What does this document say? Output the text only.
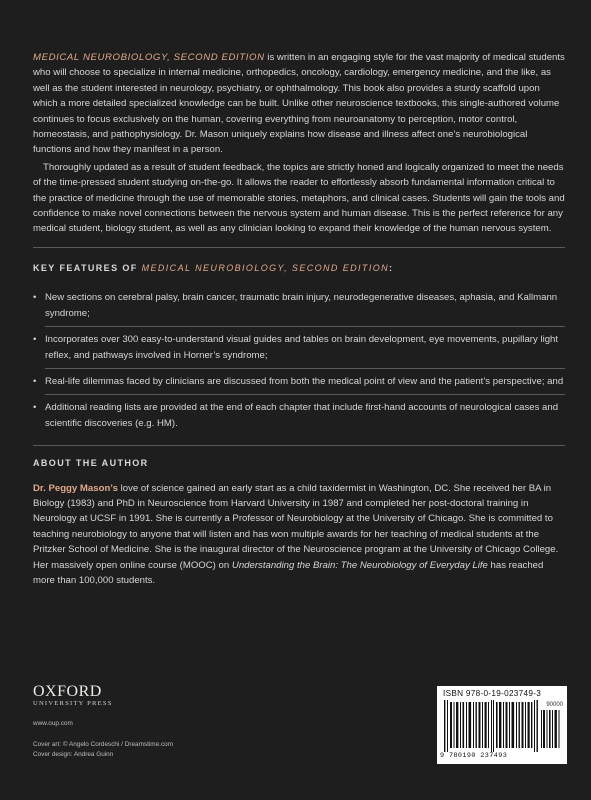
MEDICAL NEUROBIOLOGY, SECOND EDITION is written in an engaging style for the vast majority of medical students who will choose to specialize in internal medicine, orthopedics, oncology, cardiology, emergency medicine, and the like, as well as the student interested in neurology, psychiatry, or ophthalmology. This book also provides a sturdy scaffold upon which a more detailed specialized knowledge can be built. Unlike other neuroscience textbooks, this single-authored volume continues to focus exclusively on the human, covering everything from neuroanatomy to perception, motor control, homeostasis, and pathophysiology. Dr. Mason uniquely explains how disease and illness affect one’s neurobiological functions and how they manifest in a person.

Thoroughly updated as a result of student feedback, the topics are strictly honed and logically organized to meet the needs of the time-pressed student studying on-the-go. It allows the reader to effortlessly absorb fundamental information critical to the practice of medicine through the use of memorable stories, metaphors, and clinical cases. Students will gain the tools and confidence to make novel connections between the nervous system and human disease. This is the perfect reference for any medical student, biology student, as well as any clinician looking to expand their knowledge of the human nervous system.

KEY FEATURES OF MEDICAL NEUROBIOLOGY, SECOND EDITION:
• New sections on cerebral palsy, brain cancer, traumatic brain injury, neurodegenerative diseases, aphasia, and Kallmann syndrome;
• Incorporates over 300 easy-to-understand visual guides and tables on brain development, eye movements, pupillary light reflex, and pathways involved in Horner’s syndrome;
• Real-life dilemmas faced by clinicians are discussed from both the medical point of view and the patient’s perspective; and
• Additional reading lists are provided at the end of each chapter that include first-hand accounts of neurological cases and scientific discoveries (e.g. HM).
ABOUT THE AUTHOR

Dr. Peggy Mason’s love of science gained an early start as a child taxidermist in Washington, DC. She received her BA in Biology (1983) and PhD in Neuroscience from Harvard University in 1987 and completed her post-doctoral training in Neurology at UCSF in 1991. She is currently a Professor of Neurobiology at the University of Chicago. She is committed to teaching neurobiology to anyone that will listen and has won multiple awards for her teaching of medical students at the Pritzker School of Medicine. She is the inaugural director of the Neuroscience program at the University of Chicago College. Her massively open online course (MOOC) on Understanding the Brain: The Neurobiology of Everyday Life has reached more than 100,000 students.

OXFORD
UNIVERSITY PRESS
www.oup.com
Cover art: © Angelo Cordeschi / Dreamstime.com
Cover design: Andrea Guinn
ISBN 978-0-19-023749-3
90000
9 780190 237493
